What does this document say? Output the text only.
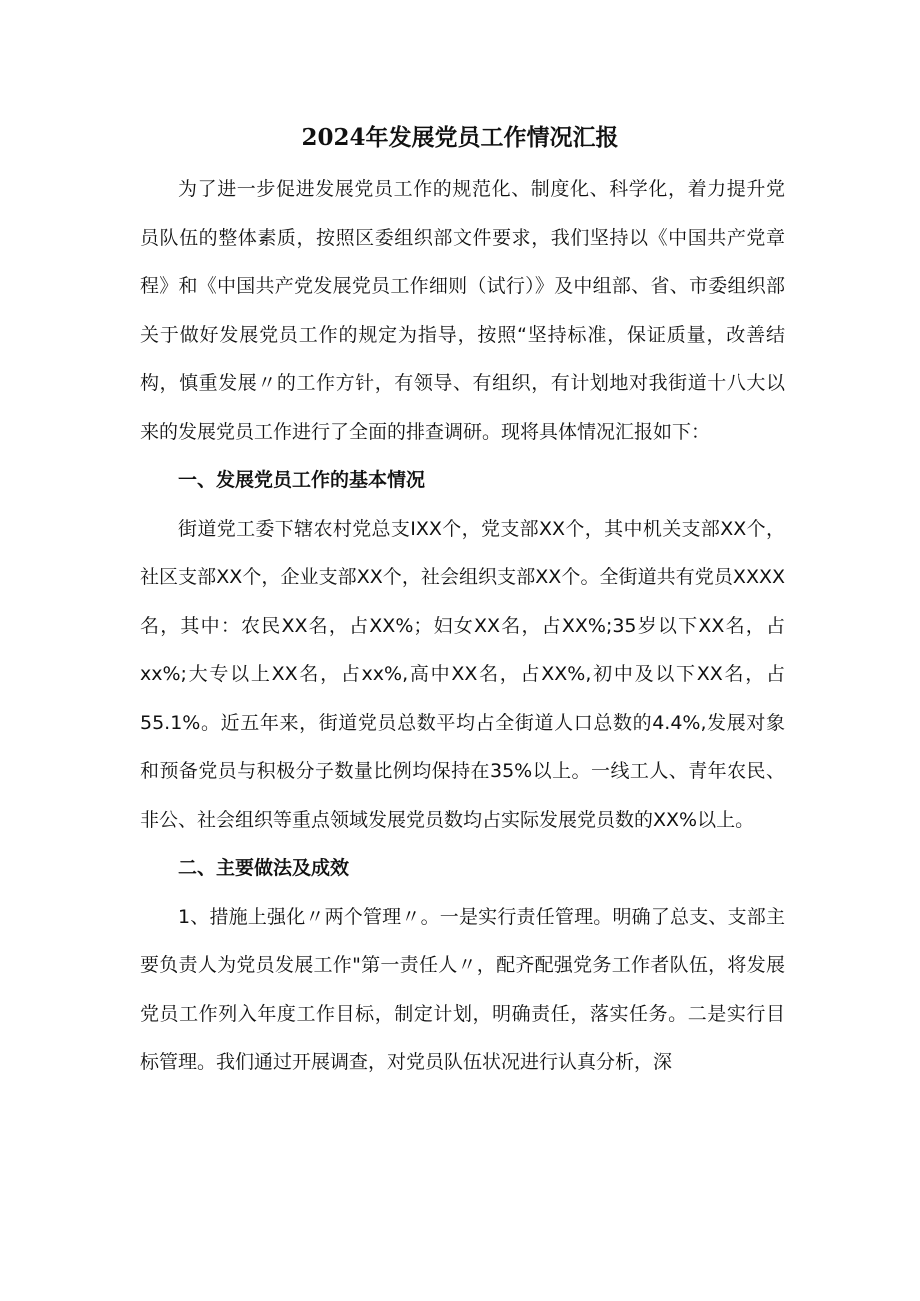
2024年发展党员工作情况汇报

为了进一步促进发展党员工作的规范化、制度化、科学化，着力提升党员队伍的整体素质，按照区委组织部文件要求，我们坚持以《中国共产党章程》和《中国共产党发展党员工作细则（试行）》及中组部、省、市委组织部关于做好发展党员工作的规定为指导，按照“坚持标准，保证质量，改善结构，慎重发展〃的工作方针，有领导、有组织，有计划地对我街道十八大以来的发展党员工作进行了全面的排查调研。现将具体情况汇报如下：

一、发展党员工作的基本情况

街道党工委下辖农村党总支IXX个，党支部XX个，其中机关支部XX个，社区支部XX个，企业支部XX个，社会组织支部XX个。全街道共有党员XXXX名，其中：农民XX名，占XX%；妇女XX名，占XX%;35岁以下XX名，占xx%;大专以上XX名，占xx%,高中XX名，占XX%,初中及以下XX名，占55.1%。近五年来，街道党员总数平均占全街道人口总数的4.4%,发展对象和预备党员与积极分子数量比例均保持在35%以上。一线工人、青年农民、非公、社会组织等重点领域发展党员数均占实际发展党员数的XX%以上。

二、主要做法及成效

1、措施上强化〃两个管理〃。一是实行责任管理。明确了总支、支部主要负责人为党员发展工作"第一责任人〃，配齐配强党务工作者队伍，将发展党员工作列入年度工作目标，制定计划，明确责任，落实任务。二是实行目标管理。我们通过开展调查，对党员队伍状况进行认真分析，深
